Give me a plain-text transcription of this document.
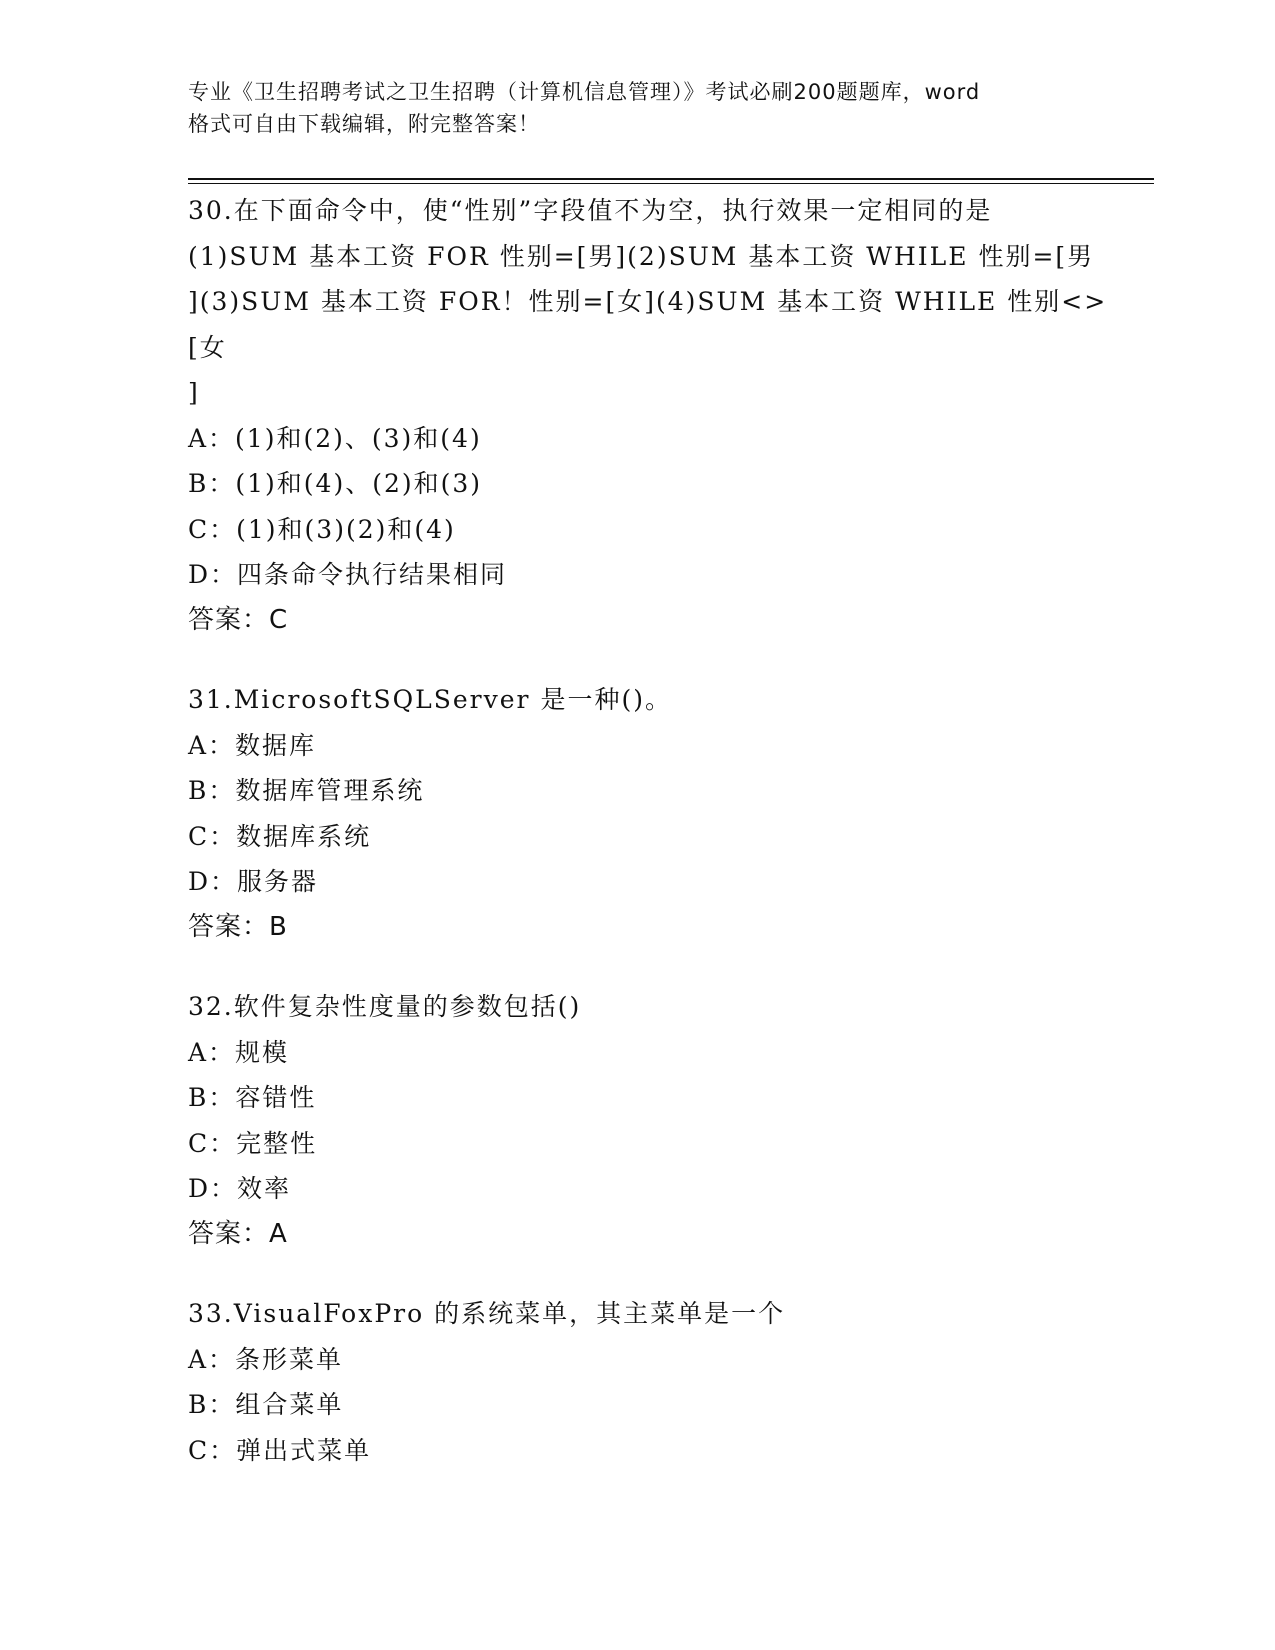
专业《卫生招聘考试之卫生招聘（计算机信息管理）》考试必刷200题题库，word
格式可自由下载编辑，附完整答案！
30.在下面命令中，使“性别”字段值不为空，执行效果一定相同的是
(1)SUM 基本工资 FOR 性别=[男](2)SUM 基本工资 WHILE 性别=[男
](3)SUM 基本工资 FOR！性别=[女](4)SUM 基本工资 WHILE 性别<>[女
]
A：(1)和(2)、(3)和(4)
B：(1)和(4)、(2)和(3)
C：(1)和(3)(2)和(4)
D：四条命令执行结果相同
答案：C
31.MicrosoftSQLServer 是一种()。
A：数据库
B：数据库管理系统
C：数据库系统
D：服务器
答案：B
32.软件复杂性度量的参数包括()
A：规模
B：容错性
C：完整性
D：效率
答案：A
33.VisualFoxPro 的系统菜单，其主菜单是一个
A：条形菜单
B：组合菜单
C：弹出式菜单
